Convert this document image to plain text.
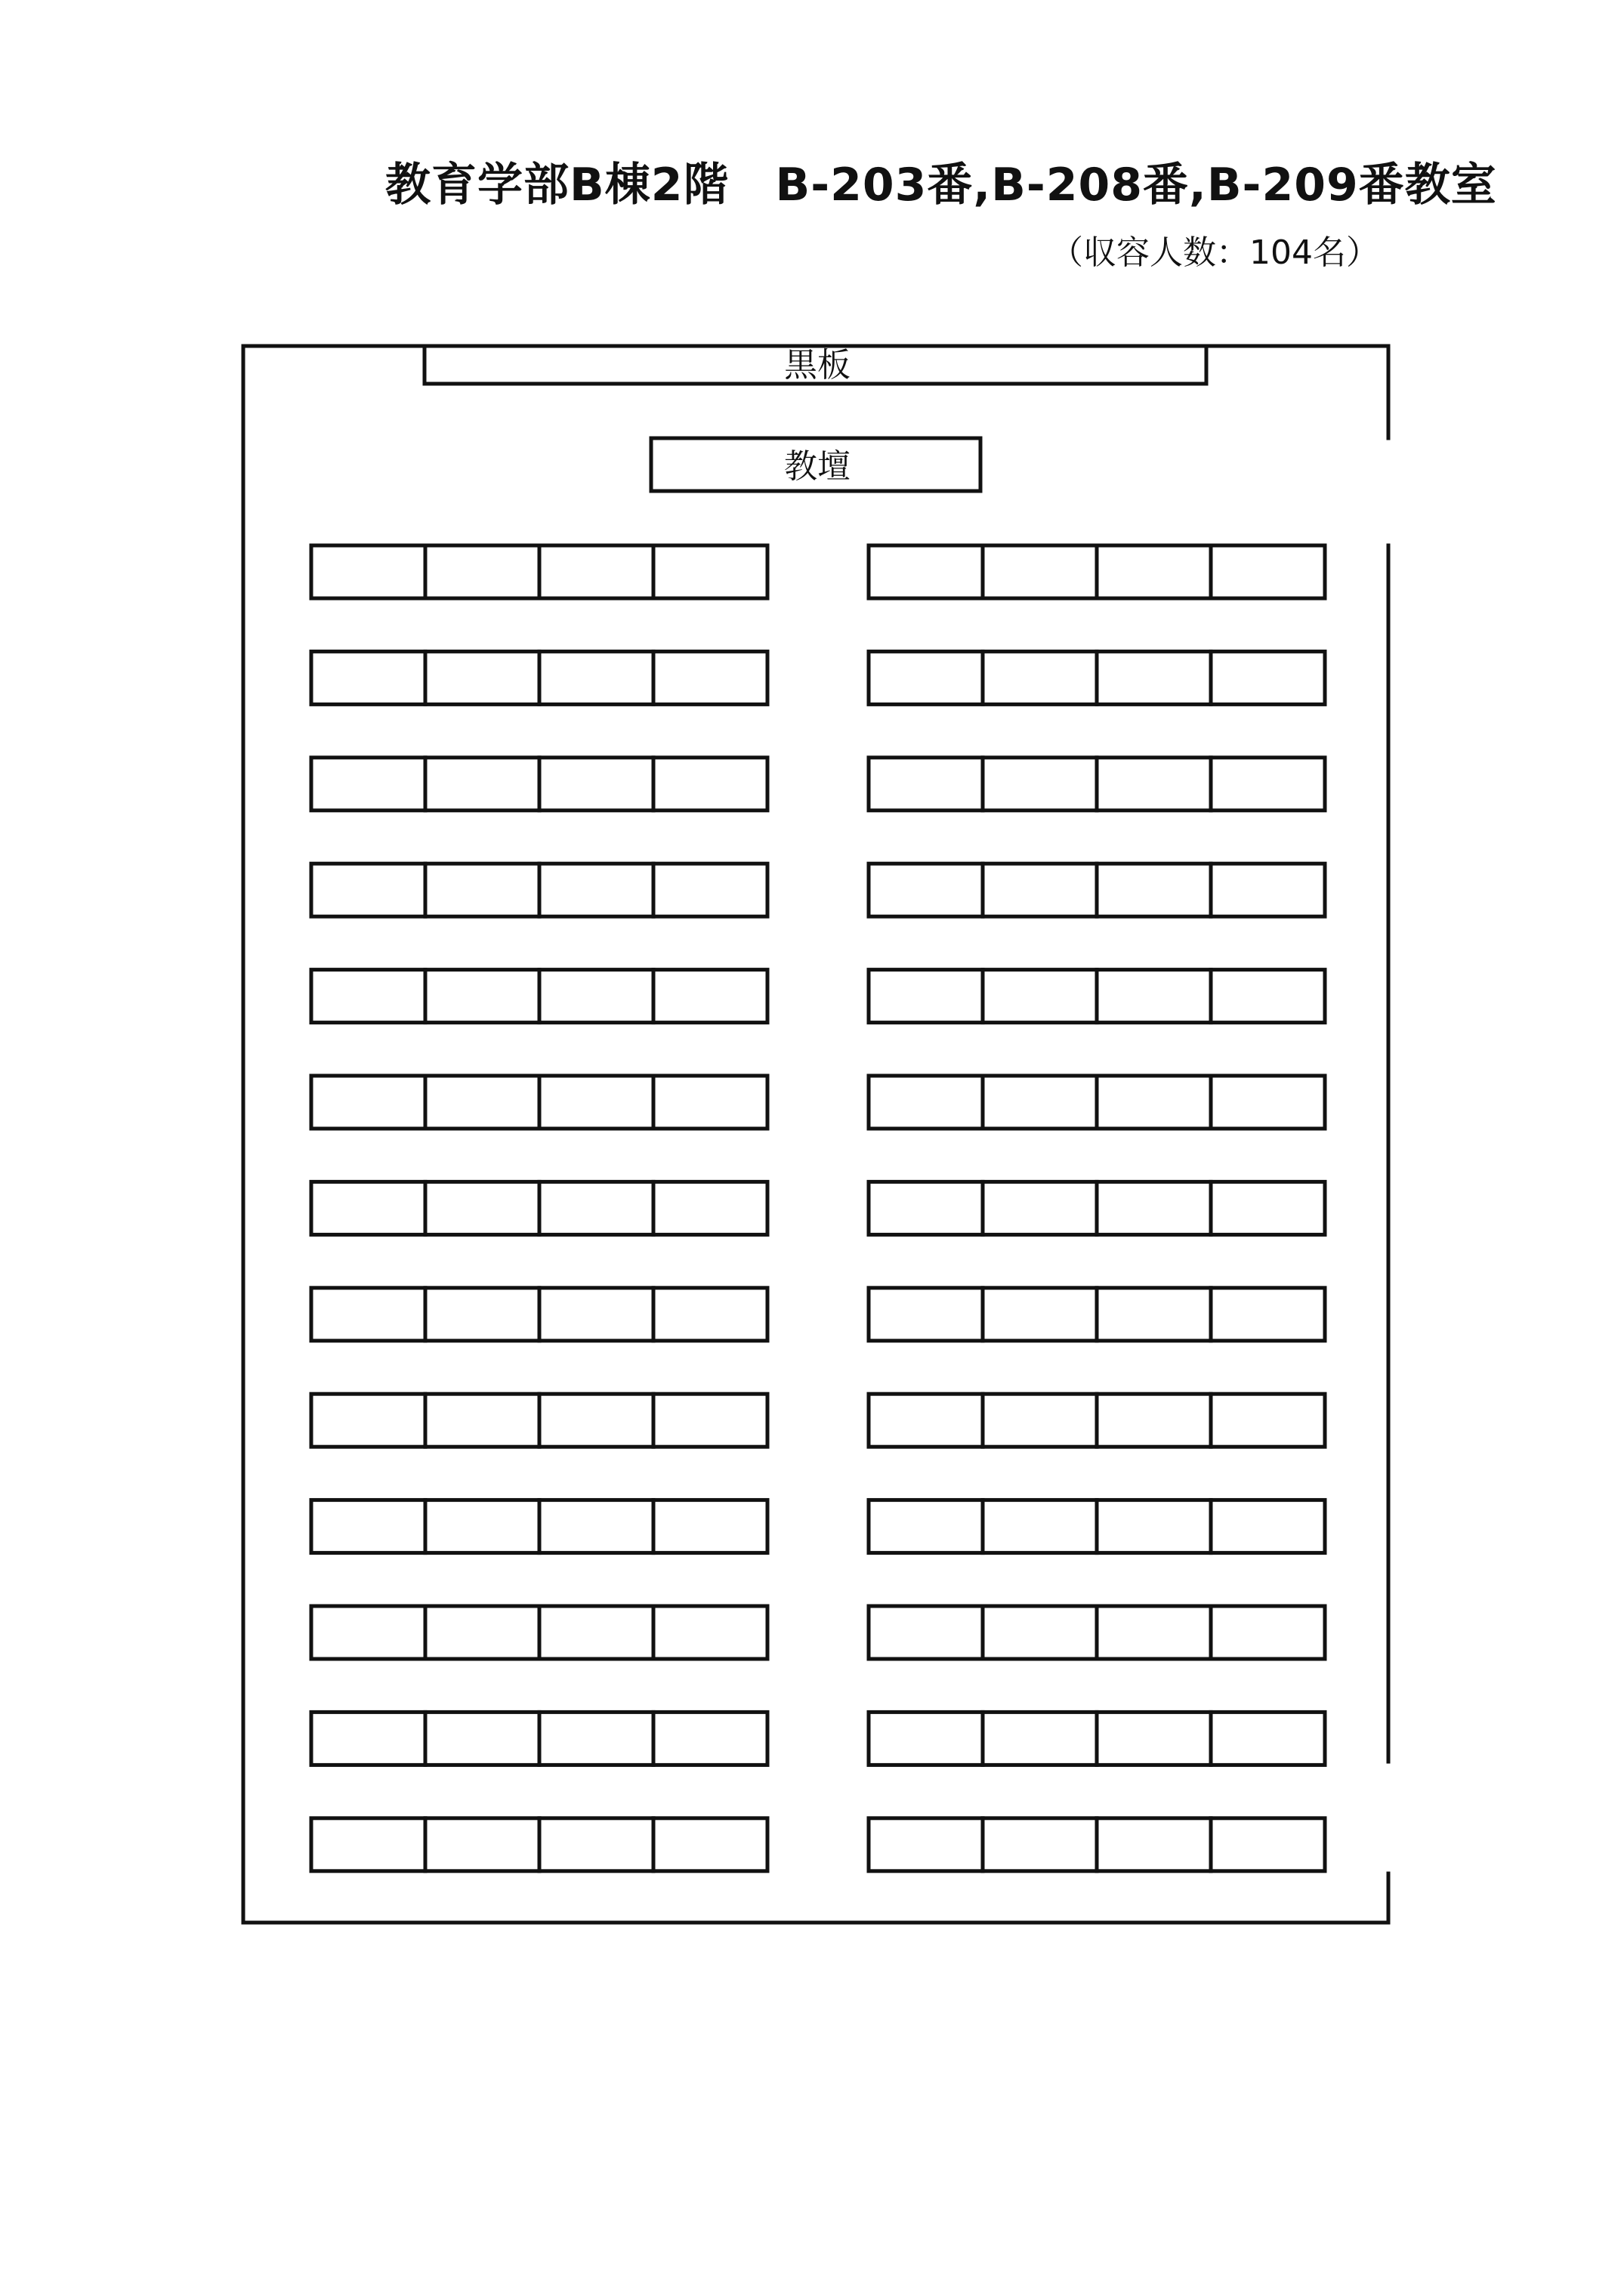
教育学部B棟2階　B-203番,B-208番,B-209番教室
（収容人数：104名）
黒板
教壇
